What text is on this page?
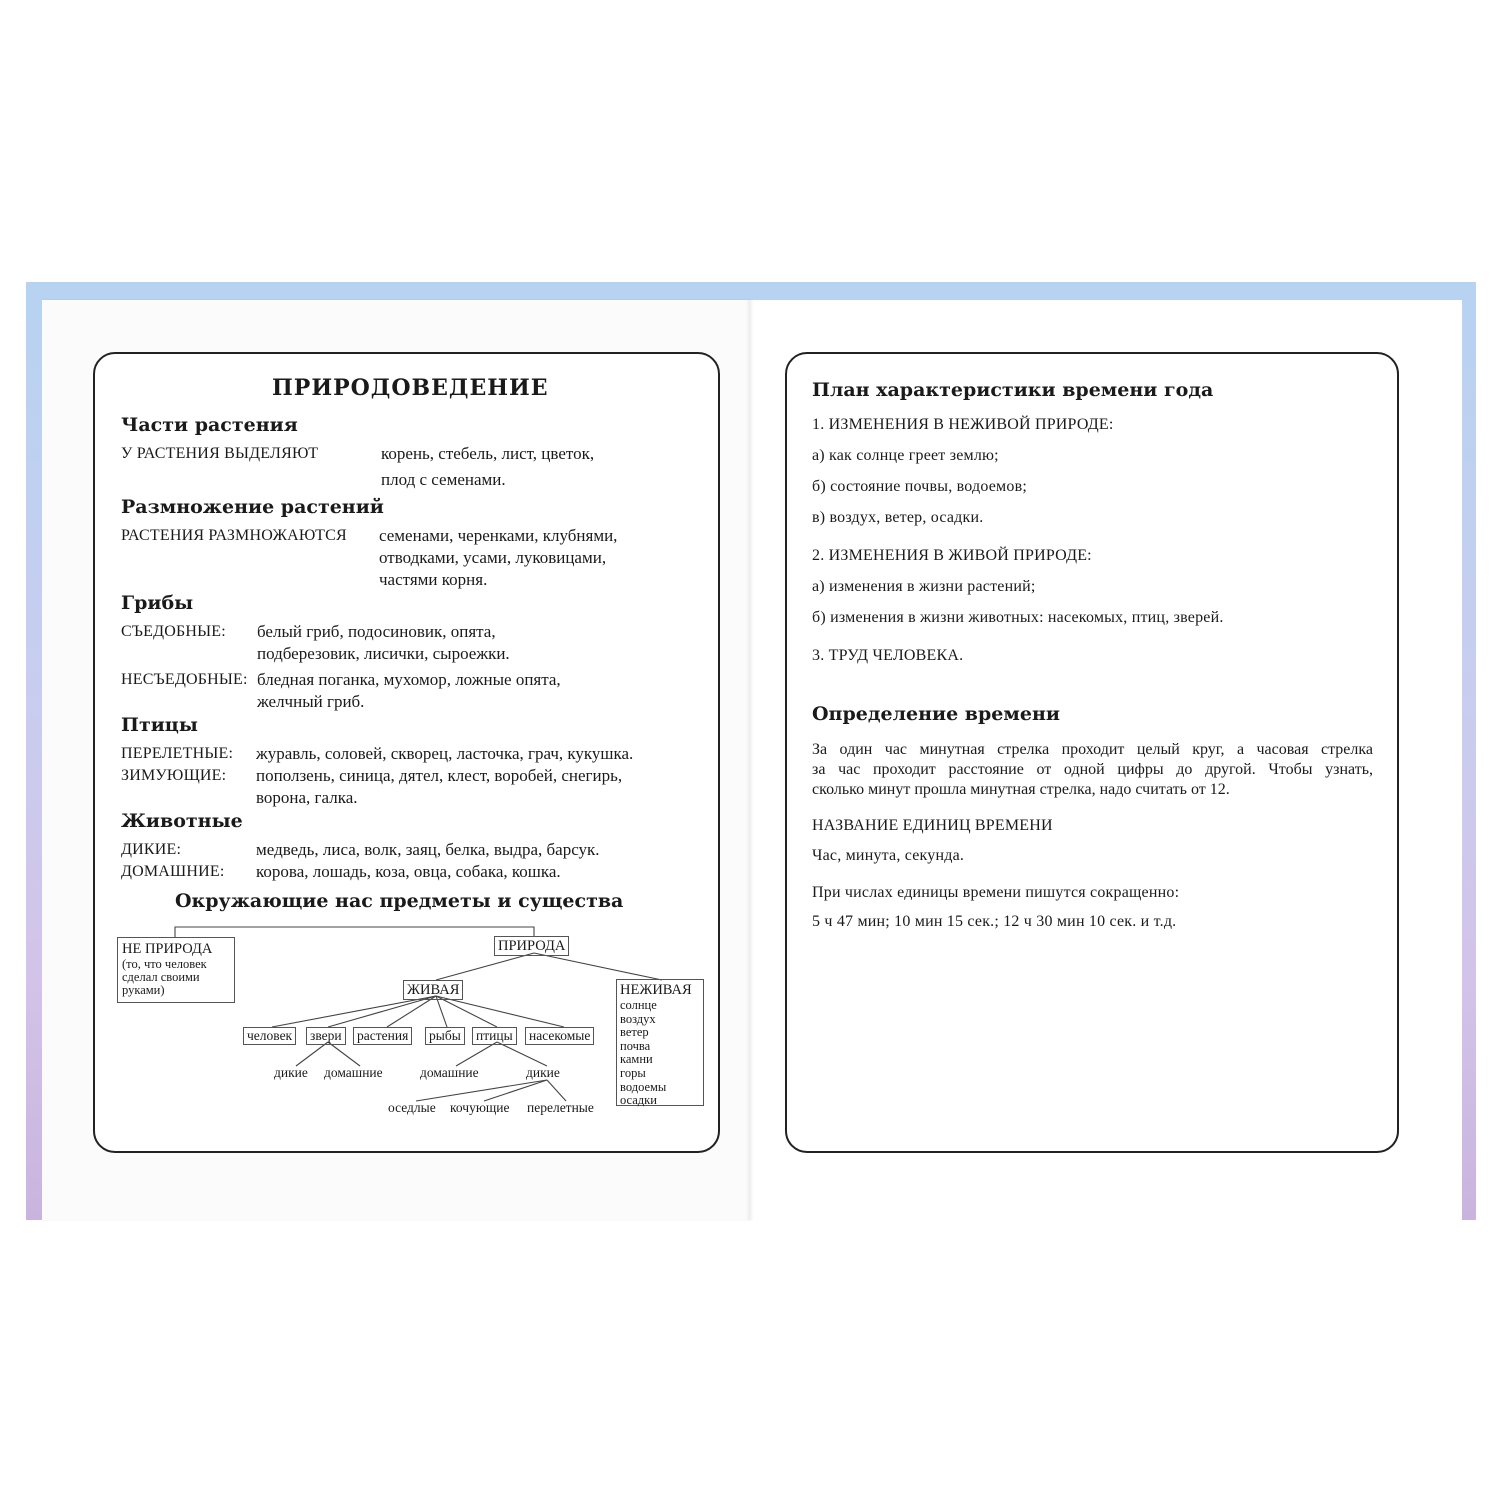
ПРИРОДОВЕДЕНИЕ
Части растения
У РАСТЕНИЯ ВЫДЕЛЯЮТ	корень, стебель, лист, цветок,
плод с семенами.
Размножение растений
РАСТЕНИЯ РАЗМНОЖАЮТСЯ семенами, черенками, клубнями,
отводками, усами, луковицами,
частями корня.
Грибы
СЪЕДОБНЫЕ: белый гриб, подосиновик, опята,
подберезовик, лисички, сыроежки.
НЕСЪЕДОБНЫЕ: бледная поганка, мухомор, ложные опята,
желчный гриб.
Птицы
ПЕРЕЛЕТНЫЕ: журавль, соловей, скворец, ласточка, грач, кукушка.
ЗИМУЮЩИЕ: поползень, синица, дятел, клест, воробей, снегирь,
ворона, галка.
Животные
ДИКИЕ:	медведь, лиса, волк, заяц, белка, выдра, барсук.
ДОМАШНИЕ: корова, лошадь, коза, овца, собака, кошка.
Окружающие нас предметы и существа
НЕ ПРИРОДА
(то, что человек
сделал своими
руками)
ПРИРОДА
ЖИВАЯ	НЕЖИВАЯ
солнце
воздух
ветер
почва
камни
горы
водоемы
осадки
человек звери растения рыбы птицы насекомые
дикие домашние	домашние	дикие
оседлые кочующие перелетные
План характеристики времени года
1. ИЗМЕНЕНИЯ В НЕЖИВОЙ ПРИРОДЕ:
а) как солнце греет землю;
б) состояние почвы, водоемов;
в) воздух, ветер, осадки.
2. ИЗМЕНЕНИЯ В ЖИВОЙ ПРИРОДЕ:
а) изменения в жизни растений;
б) изменения в жизни животных: насекомых, птиц, зверей.
3. ТРУД ЧЕЛОВЕКА.
Определение времени
За один час минутная стрелка проходит целый круг, а часовая стрелка
за час проходит расстояние от одной цифры до другой. Чтобы узнать,
сколько минут прошла минутная стрелка, надо считать от 12.
НАЗВАНИЕ ЕДИНИЦ ВРЕМЕНИ
Час, минута, секунда.
При числах единицы времени пишутся сокращенно:
5 ч 47 мин; 10 мин 15 сек.; 12 ч 30 мин 10 сек. и т.д.
